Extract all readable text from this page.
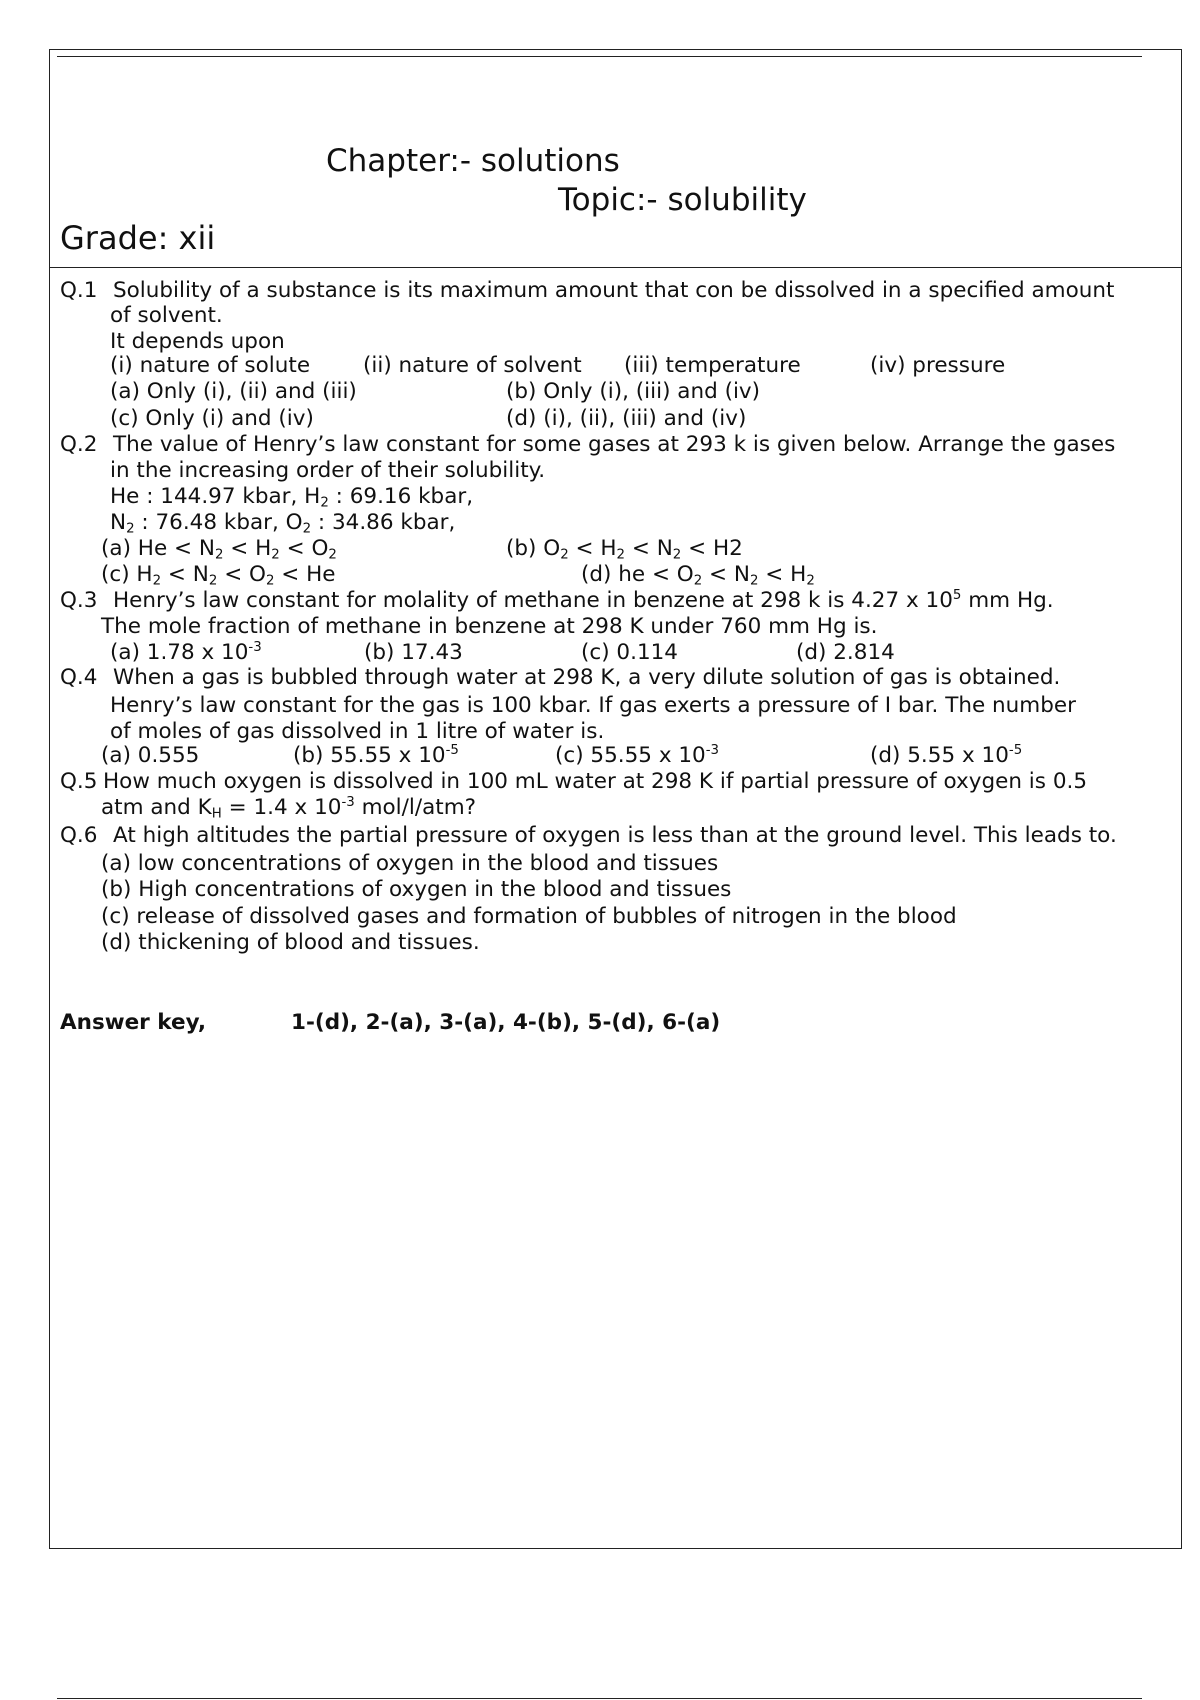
Chapter:- solutions
Topic:- solubility
Grade: xii
Q.1 Solubility of a substance is its maximum amount that con be dissolved in a specified amount
of solvent.
It depends upon
(i) nature of solute (ii) nature of solvent (iii) temperature	(iv) pressure
(a) Only (i), (ii) and (iii)	(b) Only (i), (iii) and (iv)
(c) Only (i) and (iv)	(d) (i), (ii), (iii) and (iv)
Q.2 The value of Henry’s law constant for some gases at 293 k is given below. Arrange the gases
in the increasing order of their solubility.
He : 144.97 kbar, $H_2$ : 69.16 kbar,
$N_2$ : 76.48 kbar, $O_2$ : 34.86 kbar,
(a) $He < N_2 < H_2 < O_2$	(b) $O_2 < H_2 < N_2 < H2$
(c) $H_2 < N_2 < O_2 < He$	(d) he < $O_2 < N_2 < H_2$
Q.3 Henry’s law constant for molality of methane in benzene at 298 k is 4.27 x $10^5$ mm Hg.
The mole fraction of methane in benzene at 298 K under 760 mm Hg is.
(a) 1.78 x $10^{-3}$	(b) 17.43	(c) 0.114	(d) 2.814
Q.4 When a gas is bubbled through water at 298 K, a very dilute solution of gas is obtained.
Henry’s law constant for the gas is 100 kbar. If gas exerts a pressure of I bar. The number
of moles of gas dissolved in 1 litre of water is.
(a) 0.555	(b) 55.55 x $10^{-5}$	(c) 55.55 x $10^{-3}$	(d) 5.55 x $10^{-5}$
Q.5 How much oxygen is dissolved in 100 mL water at 298 K if partial pressure of oxygen is 0.5
atm and $K_H = 1.4$ x $10^{-3}$ mol/l/atm?
Q.6 At high altitudes the partial pressure of oxygen is less than at the ground level. This leads to.
(a) low concentrations of oxygen in the blood and tissues
(b) High concentrations of oxygen in the blood and tissues
(c) release of dissolved gases and formation of bubbles of nitrogen in the blood
(d) thickening of blood and tissues.
Answer key,	1-(d), 2-(a), 3-(a), 4-(b), 5-(d), 6-(a)
